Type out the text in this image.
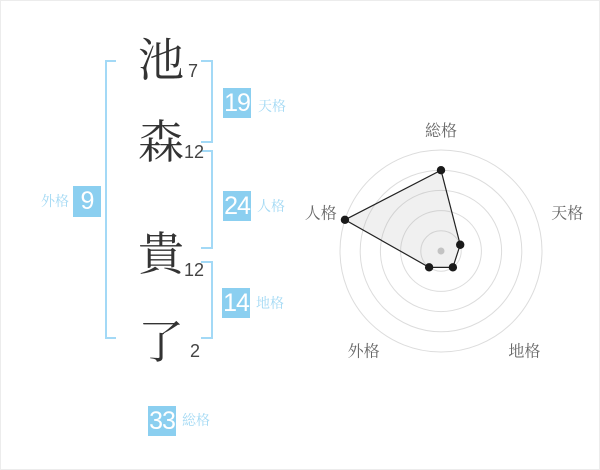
池
森
貴
了
7
12
12
2
19 天格
24 人格
14 地格
外格 9
33 総格
総格
天格
地格
外格
人格
